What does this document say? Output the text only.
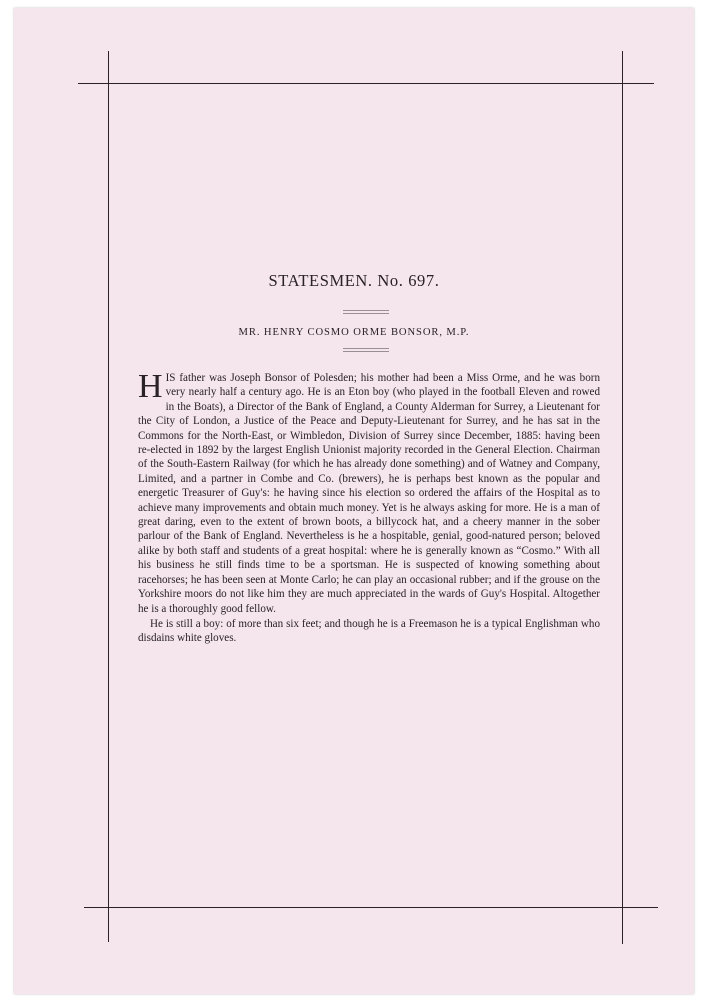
STATESMEN. No. 697.
MR. HENRY COSMO ORME BONSOR, M.P.

HIS father was Joseph Bonsor of Polesden; his mother had been a Miss Orme, and he was born very nearly half a century ago. He is an Eton boy (who played in the football Eleven and rowed in the Boats), a Director of the Bank of England, a County Alderman for Surrey, a Lieutenant for the City of London, a Justice of the Peace and Deputy-Lieutenant for Surrey, and he has sat in the Commons for the North-East, or Wimbledon, Division of Surrey since December, 1885: having been re-elected in 1892 by the largest English Unionist majority recorded in the General Election. Chairman of the South-Eastern Railway (for which he has already done something) and of Watney and Company, Limited, and a partner in Combe and Co. (brewers), he is perhaps best known as the popular and energetic Treasurer of Guy's: he having since his election so ordered the affairs of the Hospital as to achieve many improvements and obtain much money. Yet is he always asking for more. He is a man of great daring, even to the extent of brown boots, a billycock hat, and a cheery manner in the sober parlour of the Bank of England. Nevertheless is he a hospitable, genial, good-natured person; beloved alike by both staff and students of a great hospital: where he is generally known as “Cosmo.” With all his business he still finds time to be a sportsman. He is suspected of knowing something about racehorses; he has been seen at Monte Carlo; he can play an occasional rubber; and if the grouse on the Yorkshire moors do not like him they are much appreciated in the wards of Guy's Hospital. Altogether he is a thoroughly good fellow.

He is still a boy: of more than six feet; and though he is a Freemason he is a typical Englishman who disdains white gloves.
